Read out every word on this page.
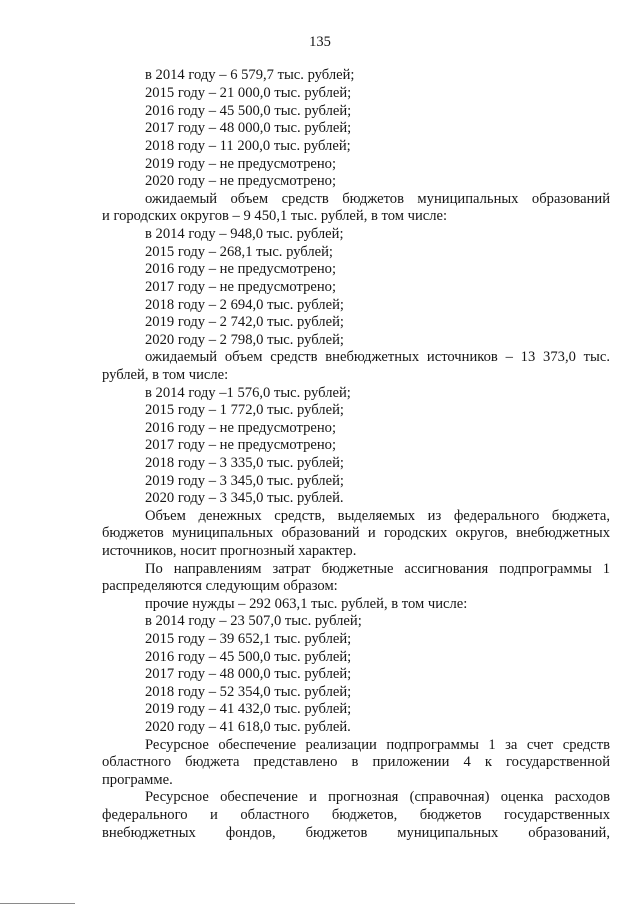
135
в 2014 году – 6 579,7 тыс. рублей;
2015 году – 21 000,0 тыс. рублей;
2016 году – 45 500,0 тыс. рублей;
2017 году – 48 000,0 тыс. рублей;
2018 году – 11 200,0 тыс. рублей;
2019 году – не предусмотрено;
2020 году – не предусмотрено;
ожидаемый объем средств бюджетов муниципальных образований
и городских округов – 9 450,1 тыс. рублей, в том числе:
в 2014 году – 948,0 тыс. рублей;
2015 году – 268,1 тыс. рублей;
2016 году – не предусмотрено;
2017 году – не предусмотрено;
2018 году – 2 694,0 тыс. рублей;
2019 году – 2 742,0 тыс. рублей;
2020 году – 2 798,0 тыс. рублей;
ожидаемый объем средств внебюджетных источников – 13 373,0 тыс.
рублей, в том числе:
в 2014 году –1 576,0 тыс. рублей;
2015 году – 1 772,0 тыс. рублей;
2016 году – не предусмотрено;
2017 году – не предусмотрено;
2018 году – 3 335,0 тыс. рублей;
2019 году – 3 345,0 тыс. рублей;
2020 году – 3 345,0 тыс. рублей.
Объем денежных средств, выделяемых из федерального бюджета,
бюджетов муниципальных образований и городских округов, внебюджетных
источников, носит прогнозный характер.
По направлениям затрат бюджетные ассигнования подпрограммы 1
распределяются следующим образом:
прочие нужды – 292 063,1 тыс. рублей, в том числе:
в 2014 году – 23 507,0 тыс. рублей;
2015 году – 39 652,1 тыс. рублей;
2016 году – 45 500,0 тыс. рублей;
2017 году – 48 000,0 тыс. рублей;
2018 году – 52 354,0 тыс. рублей;
2019 году – 41 432,0 тыс. рублей;
2020 году – 41 618,0 тыс. рублей.
Ресурсное обеспечение реализации подпрограммы 1 за счет средств
областного бюджета представлено в приложении 4 к государственной
программе.
Ресурсное обеспечение и прогнозная (справочная) оценка расходов
федерального и областного бюджетов, бюджетов государственных
внебюджетных фондов, бюджетов муниципальных образований,
